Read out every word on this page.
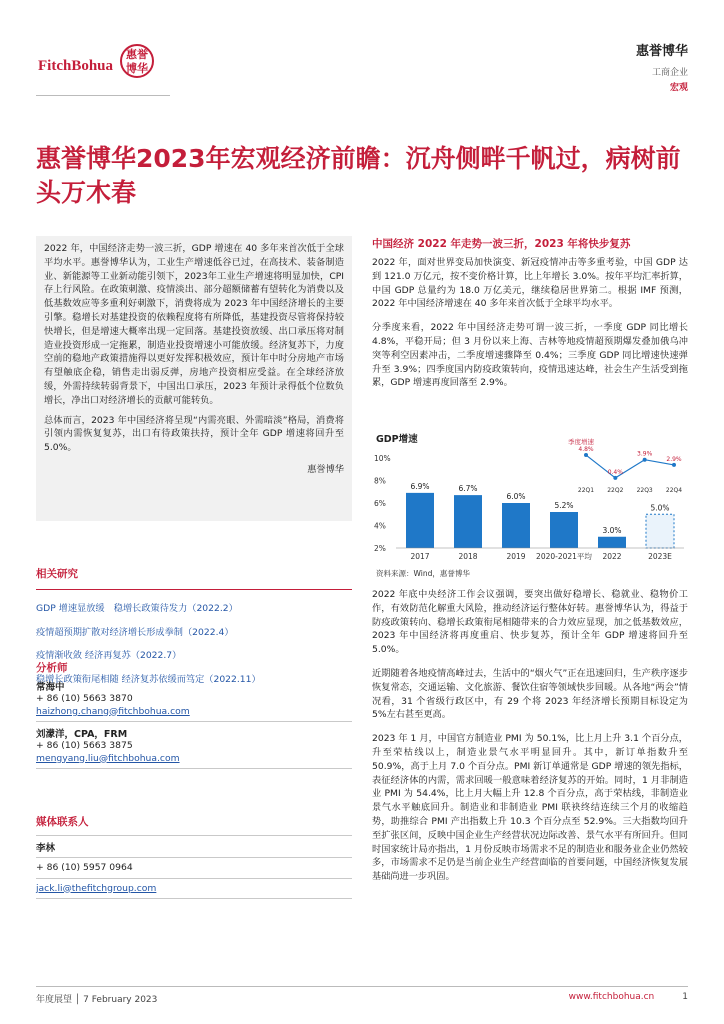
FitchBohua
惠誉博华
惠誉博华
工商企业
宏观
惠誉博华2023年宏观经济前瞻：沉舟侧畔千帆过，病树前头万木春

2022 年，中国经济走势一波三折，GDP 增速在 40 多年来首次低于全球平均水平。惠誉博华认为，工业生产增速低谷已过，在高技术、装备制造业、新能源等工业新动能引领下，2023年工业生产增速将明显加快，CPI存上行风险。在政策刺激、疫情淡出、部分超额储蓄有望转化为消费以及低基数效应等多重利好刺激下，消费将成为 2023 年中国经济增长的主要引擎。稳增长对基建投资的依赖程度将有所降低，基建投资尽管将保持较快增长，但是增速大概率出现一定回落。基建投资放缓、出口承压将对制造业投资形成一定拖累，制造业投资增速小可能放缓。经济复苏下，力度空前的稳地产政策措施得以更好发挥积极效应，预计年中时分房地产市场有望触底企稳，销售走出弱反弹，房地产投资相应受益。在全球经济放缓，外需持续转弱背景下，中国出口承压，2023 年预计录得低个位数负增长，净出口对经济增长的贡献可能转负。

总体而言，2023 年中国经济将呈现“内需亮眼、外需暗淡”格局，消费将引领内需恢复复苏，出口有待政策扶持，预计全年 GDP 增速将回升至 5.0%。

惠誉博华

相关研究
GDP 增速显放缓　稳增长政策待发力（2022.2）
疫情超预期扩散对经济增长形成拳制（2022.4）
疫情渐收敛 经济再复苏（2022.7）
稳增长政策衔尾相随 经济复苏依缓而笃定（2022.11）
分析师
常海中
+ 86 (10) 5663 3870
haizhong.chang@fitchbohua.com
刘濛洋，CPA，FRM
+ 86 (10) 5663 3875
mengyang.liu@fitchbohua.com
媒体联系人
李林
+ 86 (10) 5957 0964
jack.li@thefitchgroup.com
中国经济 2022 年走势一波三折，2023 年将快步复苏

2022 年，面对世界变局加快演变、新冠疫情冲击等多重考验，中国 GDP 达到 121.0 万亿元，按不变价格计算，比上年增长 3.0%。按年平均汇率折算，中国 GDP 总量约为 18.0 万亿美元，继续稳居世界第二。根据 IMF 预测，2022 年中国经济增速在 40 多年来首次低于全球平均水平。

分季度来看，2022 年中国经济走势可谓一波三折，一季度 GDP 同比增长 4.8%，平稳开局；但 3 月份以来上海、吉林等地疫情超预期爆发叠加俄乌冲突等利空因素冲击，二季度增速骤降至 0.4%；三季度 GDP 同比增速快速弹升至 3.9%；四季度国内防疫政策转向，疫情迅速达峰，社会生产生活受到拖累，GDP 增速再度回落至 2.9%。

GDP增速
10%
8%
6%
4%
2%
6.9%
2017
6.7%
2018
6.0%
2019
5.2%
2020-2021平均
3.0%
2022
5.0%
2023E
季度增速
4.8%
22Q1
0.4%
22Q2
3.9%
22Q3
2.9%
22Q4
资料来源：Wind，惠誉博华

2022 年底中央经济工作会议强调，要突出做好稳增长、稳就业、稳物价工作，有效防范化解重大风险，推动经济运行整体好转。惠誉博华认为，得益于防疫政策转向、稳增长政策衔尾相随带来的合力效应显现，加之低基数效应，2023 年中国经济将再度重启、快步复苏，预计全年 GDP 增速将回升至 5.0%。

近期随着各地疫情高峰过去，生活中的“烟火气”正在迅速回归，生产秩序逐步恢复常态，交通运输、文化旅游、餐饮住宿等领域快步回暖。从各地“两会”情况看，31 个省级行政区中，有 29 个将 2023 年经济增长预期目标设定为 5%左右甚至更高。

2023 年 1 月，中国官方制造业 PMI 为 50.1%，比上月上升 3.1 个百分点，升至荣枯线以上，制造业景气水平明显回升。其中，新订单指数升至 50.9%，高于上月 7.0 个百分点。PMI 新订单通常是 GDP 增速的领先指标，表征经济体的内需，需求回暖一般意味着经济复苏的开始。同时，1 月非制造业 PMI 为 54.4%，比上月大幅上升 12.8 个百分点，高于荣枯线，非制造业景气水平触底回升。制造业和非制造业 PMI 联袂终结连续三个月的收缩趋势，助推综合 PMI 产出指数上升 10.3 个百分点至 52.9%。三大指数均回升至扩张区间，反映中国企业生产经营状况边际改善、景气水平有所回升。但同时国家统计局亦指出，1 月份反映市场需求不足的制造业和服务业企业仍然较多，市场需求不足仍是当前企业生产经营面临的首要问题，中国经济恢复发展基础尚进一步巩固。

年度展望 │ 7 February 2023	www.fitchbohua.cn	1
